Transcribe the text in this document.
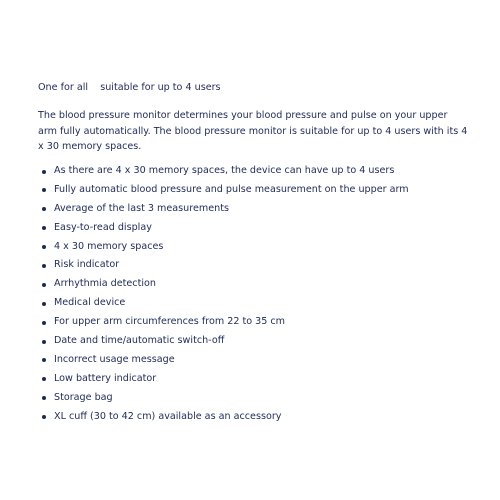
One for all    suitable for up to 4 users
The blood pressure monitor determines your blood pressure and pulse on your upper arm fully automatically. The blood pressure monitor is suitable for up to 4 users with its 4 x 30 memory spaces.
As there are 4 x 30 memory spaces, the device can have up to 4 users
Fully automatic blood pressure and pulse measurement on the upper arm
Average of the last 3 measurements
Easy-to-read display
4 x 30 memory spaces
Risk indicator
Arrhythmia detection
Medical device
For upper arm circumferences from 22 to 35 cm
Date and time/automatic switch-off
Incorrect usage message
Low battery indicator
Storage bag
XL cuff (30 to 42 cm) available as an accessory
